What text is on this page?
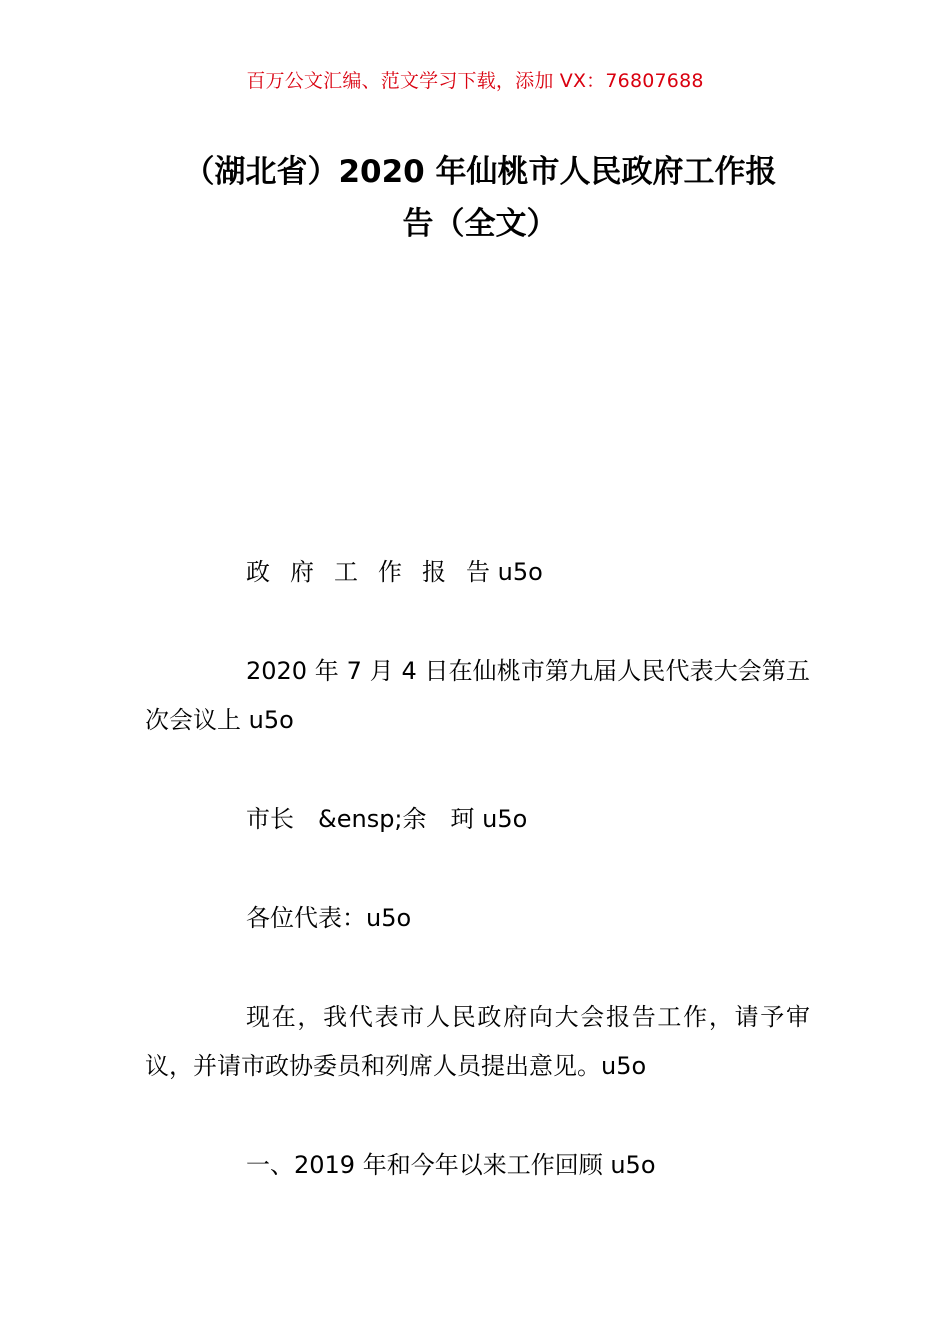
百万公文汇编、范文学习下载，添加 VX：76807688
（湖北省）2020 年仙桃市人民政府工作报
告（全文）

政府工作报告 u5o

2020 年 7 月 4 日在仙桃市第九届人民代表大会第五次会议上 u5o

市长　&ensp;余　珂 u5o

各位代表：u5o

现在，我代表市人民政府向大会报告工作，请予审议，并请市政协委员和列席人员提出意见。u5o

一、2019 年和今年以来工作回顾 u5o
